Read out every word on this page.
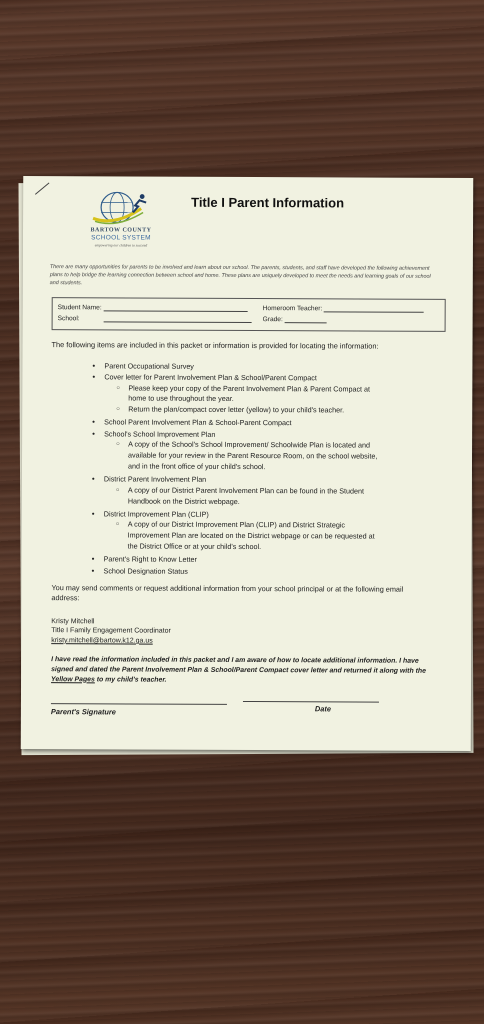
BARTOW COUNTY
SCHOOL SYSTEM
empowering our children to succeed
Title I Parent Information
There are many opportunities for parents to be involved and learn about our school. The parents, students, and staff have developed the following achievement plans to help bridge the learning connection between school and home. These plans are uniquely developed to meet the needs and learning goals of our school and students.
Student Name:	Homeroom Teacher:
School:	Grade:
The following items are included in this packet or information is provided for locating the information:
• Parent Occupational Survey
• Cover letter for Parent Involvement Plan & School/Parent Compact
○ Please keep your copy of the Parent Involvement Plan & Parent Compact at
home to use throughout the year.
○ Return the plan/compact cover letter (yellow) to your child's teacher.
• School Parent Involvement Plan & School-Parent Compact
• School's School Improvement Plan
○ A copy of the School's School Improvement/ Schoolwide Plan is located and
available for your review in the Parent Resource Room, on the school website,
and in the front office of your child's school.
• District Parent Involvement Plan
○ A copy of our District Parent Involvement Plan can be found in the Student
Handbook on the District webpage.
• District Improvement Plan (CLIP)
○ A copy of our District Improvement Plan (CLIP) and District Strategic
Improvement Plan are located on the District webpage or can be requested at
the District Office or at your child's school.
• Parent's Right to Know Letter
• School Designation Status
You may send comments or request additional information from your school principal or at the following email address:
Kristy Mitchell
Title I Family Engagement Coordinator
kristy.mitchell@bartow.k12.ga.us
I have read the information included in this packet and I am aware of how to locate additional information. I have signed and dated the Parent Involvement Plan & School/Parent Compact cover letter and returned it along with the Yellow Pages to my child's teacher.
Parent's Signature	Date
